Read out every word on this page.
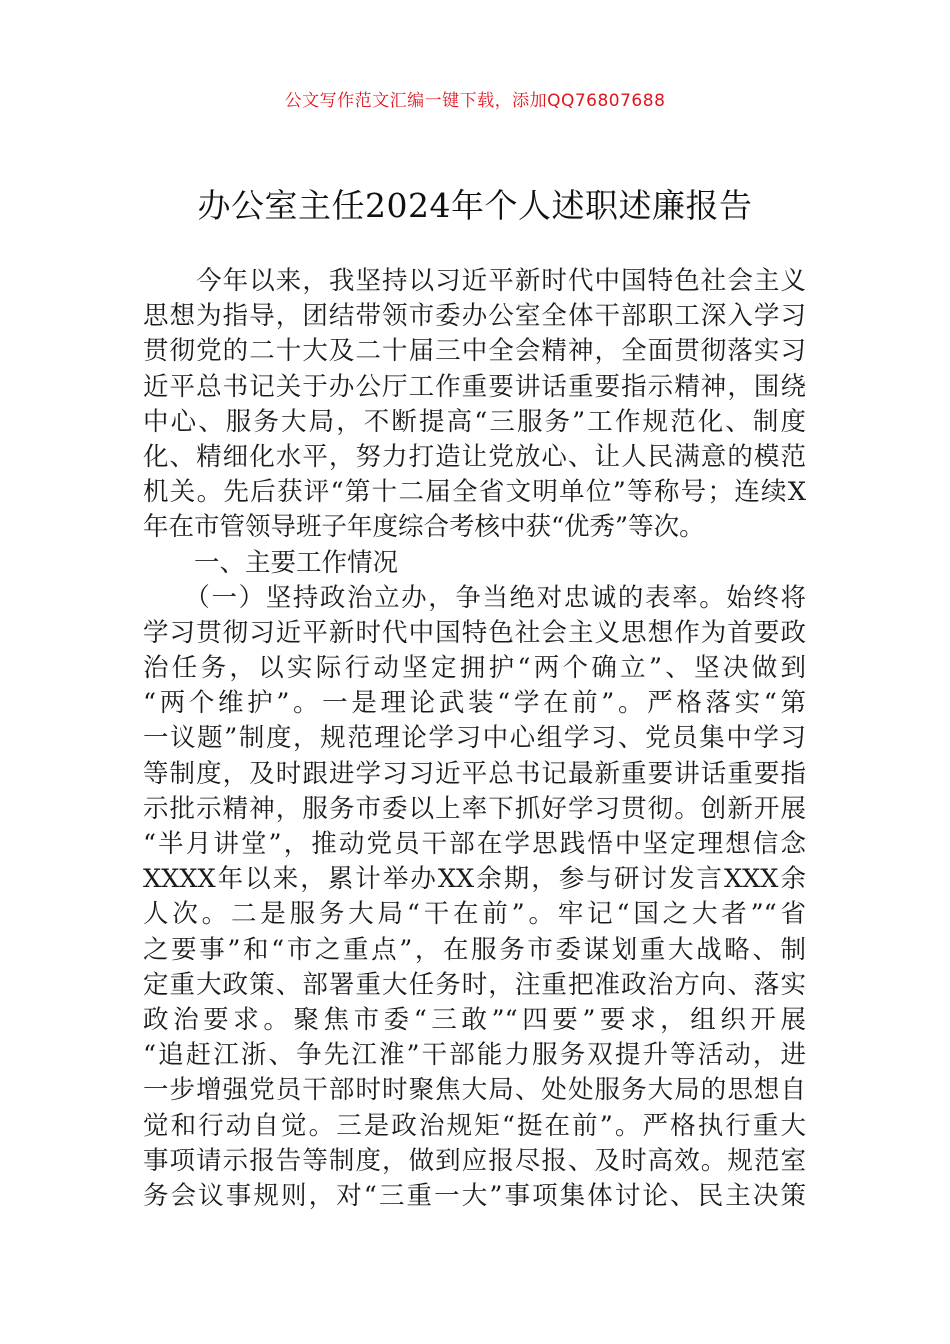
公文写作范文汇编一键下载，添加QQ76807688
办公室主任2024年个人述职述廉报告
　　今年以来，我坚持以习近平新时代中国特色社会主义
思想为指导，团结带领市委办公室全体干部职工深入学习
贯彻党的二十大及二十届三中全会精神，全面贯彻落实习
近平总书记关于办公厅工作重要讲话重要指示精神，围绕
中心、服务大局，不断提高“三服务”工作规范化、制度
化、精细化水平，努力打造让党放心、让人民满意的模范
机关。先后获评“第十二届全省文明单位”等称号；连续X
年在市管领导班子年度综合考核中获“优秀”等次。
　　一、主要工作情况
　　（一）坚持政治立办，争当绝对忠诚的表率。始终将
学习贯彻习近平新时代中国特色社会主义思想作为首要政
治任务，以实际行动坚定拥护“两个确立”、坚决做到
“两个维护”。一是理论武装“学在前”。严格落实“第
一议题”制度，规范理论学习中心组学习、党员集中学习
等制度，及时跟进学习习近平总书记最新重要讲话重要指
示批示精神，服务市委以上率下抓好学习贯彻。创新开展
“半月讲堂”，推动党员干部在学思践悟中坚定理想信念
XXXX年以来，累计举办XX余期，参与研讨发言XXX余
人次。二是服务大局“干在前”。牢记“国之大者”“省
之要事”和“市之重点”，在服务市委谋划重大战略、制
定重大政策、部署重大任务时，注重把准政治方向、落实
政治要求。聚焦市委“三敢”“四要”要求，组织开展
“追赶江浙、争先江淮”干部能力服务双提升等活动，进
一步增强党员干部时时聚焦大局、处处服务大局的思想自
觉和行动自觉。三是政治规矩“挺在前”。严格执行重大
事项请示报告等制度，做到应报尽报、及时高效。规范室
务会议事规则，对“三重一大”事项集体讨论、民主决策
